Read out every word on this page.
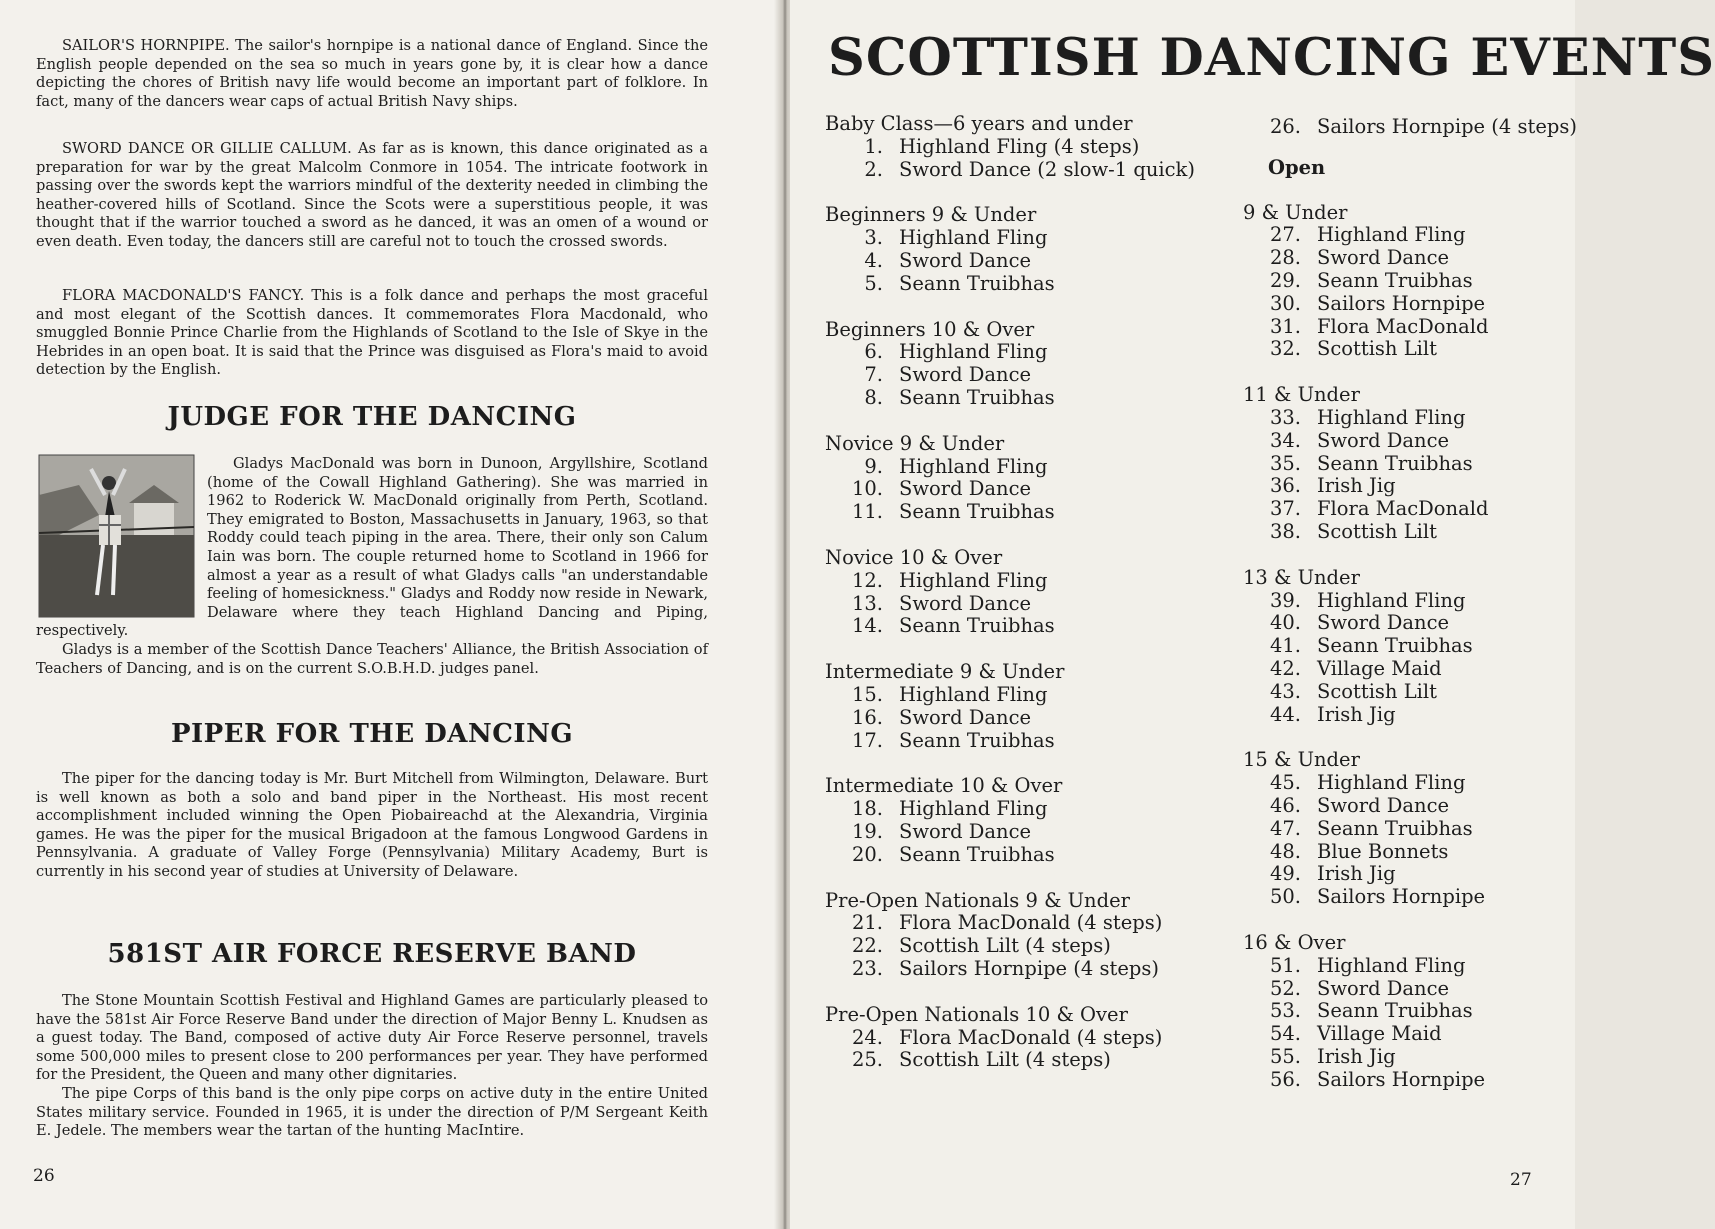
SAILOR'S HORNPIPE. The sailor's hornpipe is a national dance of England. Since the English people depended on the sea so much in years gone by, it is clear how a dance depicting the chores of British navy life would become an important part of folklore. In fact, many of the dancers wear caps of actual British Navy ships.

SWORD DANCE OR GILLIE CALLUM. As far as is known, this dance originated as a preparation for war by the great Malcolm Conmore in 1054. The intricate footwork in passing over the swords kept the warriors mindful of the dexterity needed in climbing the heather-covered hills of Scotland. Since the Scots were a superstitious people, it was thought that if the warrior touched a sword as he danced, it was an omen of a wound or even death. Even today, the dancers still are careful not to touch the crossed swords.

FLORA MACDONALD'S FANCY. This is a folk dance and perhaps the most graceful and most elegant of the Scottish dances. It commemorates Flora Macdonald, who smuggled Bonnie Prince Charlie from the Highlands of Scotland to the Isle of Skye in the Hebrides in an open boat. It is said that the Prince was disguised as Flora's maid to avoid detection by the English.

JUDGE FOR THE DANCING

Gladys MacDonald was born in Dunoon, Argyllshire, Scotland (home of the Cowall Highland Gathering). She was married in 1962 to Roderick W. MacDonald originally from Perth, Scotland. They emigrated to Boston, Massachusetts in January, 1963, so that Roddy could teach piping in the area. There, their only son Calum Iain was born. The couple returned home to Scotland in 1966 for almost a year as a result of what Gladys calls "an understandable feeling of homesickness." Gladys and Roddy now reside in Newark, Delaware where they teach Highland Dancing and Piping, respectively.
Gladys is a member of the Scottish Dance Teachers' Alliance, the British Association of Teachers of Dancing, and is on the current S.O.B.H.D. judges panel.

PIPER FOR THE DANCING

The piper for the dancing today is Mr. Burt Mitchell from Wilmington, Delaware. Burt is well known as both a solo and band piper in the Northeast. His most recent accomplishment included winning the Open Piobaireachd at the Alexandria, Virginia games. He was the piper for the musical Brigadoon at the famous Longwood Gardens in Pennsylvania. A graduate of Valley Forge (Pennsylvania) Military Academy, Burt is currently in his second year of studies at University of Delaware.

581ST AIR FORCE RESERVE BAND

The Stone Mountain Scottish Festival and Highland Games are particularly pleased to have the 581st Air Force Reserve Band under the direction of Major Benny L. Knudsen as a guest today. The Band, composed of active duty Air Force Reserve personnel, travels some 500,000 miles to present close to 200 performances per year. They have performed for the President, the Queen and many other dignitaries.
The pipe Corps of this band is the only pipe corps on active duty in the entire United States military service. Founded in 1965, it is under the direction of P/M Sergeant Keith E. Jedele. The members wear the tartan of the hunting MacIntire.

26
SCOTTISH DANCING EVENTS
Baby Class—6 years and under
1. Highland Fling (4 steps)
2. Sword Dance (2 slow-1 quick)
Beginners 9 & Under
3. Highland Fling
4. Sword Dance
5. Seann Truibhas
Beginners 10 & Over
6. Highland Fling
7. Sword Dance
8. Seann Truibhas
Novice 9 & Under
9. Highland Fling
10. Sword Dance
11. Seann Truibhas
Novice 10 & Over
12. Highland Fling
13. Sword Dance
14. Seann Truibhas
Intermediate 9 & Under
15. Highland Fling
16. Sword Dance
17. Seann Truibhas
Intermediate 10 & Over
18. Highland Fling
19. Sword Dance
20. Seann Truibhas
Pre-Open Nationals 9 & Under
21. Flora MacDonald (4 steps)
22. Scottish Lilt (4 steps)
23. Sailors Hornpipe (4 steps)
Pre-Open Nationals 10 & Over
24. Flora MacDonald (4 steps)
25. Scottish Lilt (4 steps)
26. Sailors Hornpipe (4 steps)
Open
9 & Under
27. Highland Fling
28. Sword Dance
29. Seann Truibhas
30. Sailors Hornpipe
31. Flora MacDonald
32. Scottish Lilt
11 & Under
33. Highland Fling
34. Sword Dance
35. Seann Truibhas
36. Irish Jig
37. Flora MacDonald
38. Scottish Lilt
13 & Under
39. Highland Fling
40. Sword Dance
41. Seann Truibhas
42. Village Maid
43. Scottish Lilt
44. Irish Jig
15 & Under
45. Highland Fling
46. Sword Dance
47. Seann Truibhas
48. Blue Bonnets
49. Irish Jig
50. Sailors Hornpipe
16 & Over
51. Highland Fling
52. Sword Dance
53. Seann Truibhas
54. Village Maid
55. Irish Jig
56. Sailors Hornpipe
27
